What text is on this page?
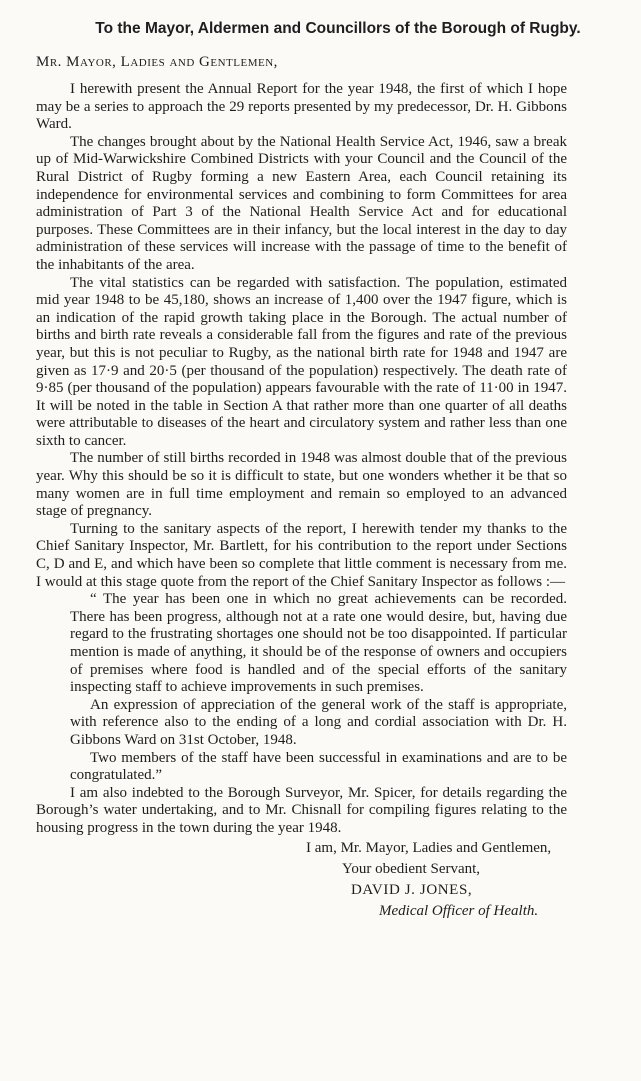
To the Mayor, Aldermen and Councillors of the Borough of Rugby.
Mr. Mayor, Ladies and Gentlemen,

I herewith present the Annual Report for the year 1948, the first of which I hope may be a series to approach the 29 reports presented by my predecessor, Dr. H. Gibbons Ward.

The changes brought about by the National Health Service Act, 1946, saw a break up of Mid-Warwickshire Combined Districts with your Council and the Council of the Rural District of Rugby forming a new Eastern Area, each Council retaining its independence for environmental services and combining to form Committees for area administration of Part 3 of the National Health Service Act and for educational purposes. These Committees are in their infancy, but the local interest in the day to day administration of these services will increase with the passage of time to the benefit of the inhabitants of the area.

The vital statistics can be regarded with satisfaction. The population, estimated mid year 1948 to be 45,180, shows an increase of 1,400 over the 1947 figure, which is an indication of the rapid growth taking place in the Borough. The actual number of births and birth rate reveals a considerable fall from the figures and rate of the previous year, but this is not peculiar to Rugby, as the national birth rate for 1948 and 1947 are given as 17·9 and 20·5 (per thousand of the population) respectively. The death rate of 9·85 (per thousand of the population) appears favourable with the rate of 11·00 in 1947. It will be noted in the table in Section A that rather more than one quarter of all deaths were attributable to diseases of the heart and circulatory system and rather less than one sixth to cancer.

The number of still births recorded in 1948 was almost double that of the previous year. Why this should be so it is difficult to state, but one wonders whether it be that so many women are in full time employment and remain so employed to an advanced stage of pregnancy.

Turning to the sanitary aspects of the report, I herewith tender my thanks to the Chief Sanitary Inspector, Mr. Bartlett, for his contribution to the report under Sections C, D and E, and which have been so complete that little comment is necessary from me. I would at this stage quote from the report of the Chief Sanitary Inspector as follows :—

“ The year has been one in which no great achievements can be recorded. There has been progress, although not at a rate one would desire, but, having due regard to the frustrating shortages one should not be too disappointed. If particular mention is made of anything, it should be of the response of owners and occupiers of premises where food is handled and of the special efforts of the sanitary inspecting staff to achieve improvements in such premises.

An expression of appreciation of the general work of the staff is appropriate, with reference also to the ending of a long and cordial association with Dr. H. Gibbons Ward on 31st October, 1948.

Two members of the staff have been successful in examinations and are to be congratulated.”

I am also indebted to the Borough Surveyor, Mr. Spicer, for details regarding the Borough’s water undertaking, and to Mr. Chisnall for compiling figures relating to the housing progress in the town during the year 1948.

I am, Mr. Mayor, Ladies and Gentlemen,

Your obedient Servant,

DAVID J. JONES,

Medical Officer of Health.
